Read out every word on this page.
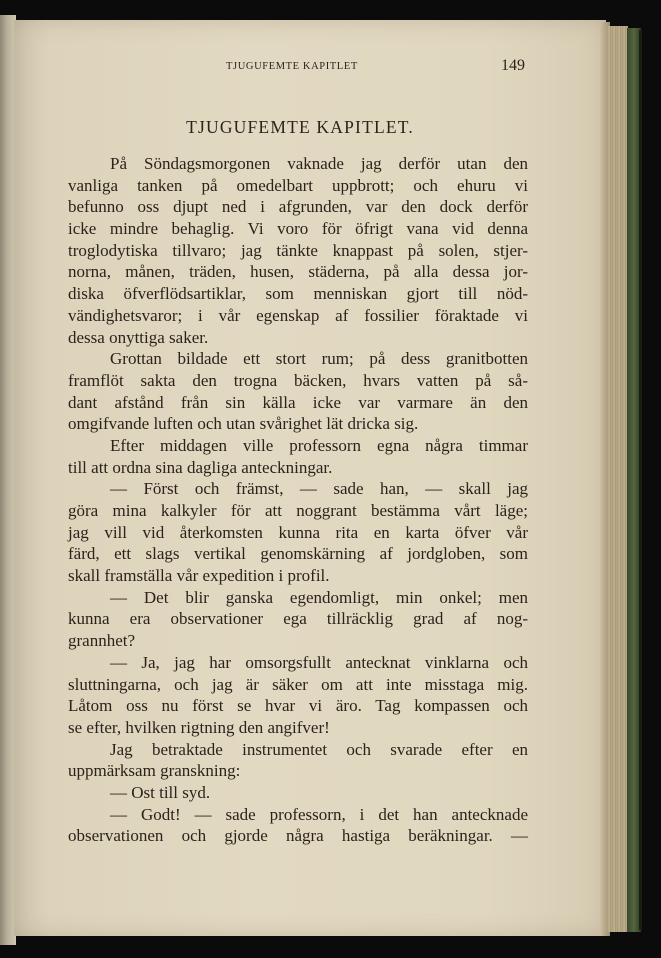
TJUGUFEMTE KAPITLET	149
TJUGUFEMTE KAPITLET.
På Söndagsmorgonen vaknade jag derför utan den
vanliga tanken på omedelbart uppbrott; och ehuru vi
befunno oss djupt ned i afgrunden, var den dock derför
icke mindre behaglig. Vi voro för öfrigt vana vid denna
troglodytiska tillvaro; jag tänkte knappast på solen, stjer-
norna, månen, träden, husen, städerna, på alla dessa jor-
diska öfverflödsartiklar, som menniskan gjort till nöd-
vändighetsvaror; i vår egenskap af fossilier föraktade vi
dessa onyttiga saker.
Grottan bildade ett stort rum; på dess granitbotten
framflöt sakta den trogna bäcken, hvars vatten på så-
dant afstånd från sin källa icke var varmare än den
omgifvande luften och utan svårighet lät dricka sig.
Efter middagen ville professorn egna några timmar
till att ordna sina dagliga anteckningar.
— Först och främst, — sade han, — skall jag
göra mina kalkyler för att noggrant bestämma vårt läge;
jag vill vid återkomsten kunna rita en karta öfver vår
färd, ett slags vertikal genomskärning af jordgloben, som
skall framställa vår expedition i profil.
— Det blir ganska egendomligt, min onkel; men
kunna era observationer ega tillräcklig grad af nog-
grannhet?
— Ja, jag har omsorgsfullt antecknat vinklarna och
sluttningarna, och jag är säker om att inte misstaga mig.
Låtom oss nu först se hvar vi äro. Tag kompassen och
se efter, hvilken rigtning den angifver!
Jag betraktade instrumentet och svarade efter en
uppmärksam granskning:
— Ost till syd.
— Godt! — sade professorn, i det han antecknade
observationen och gjorde några hastiga beräkningar. —
